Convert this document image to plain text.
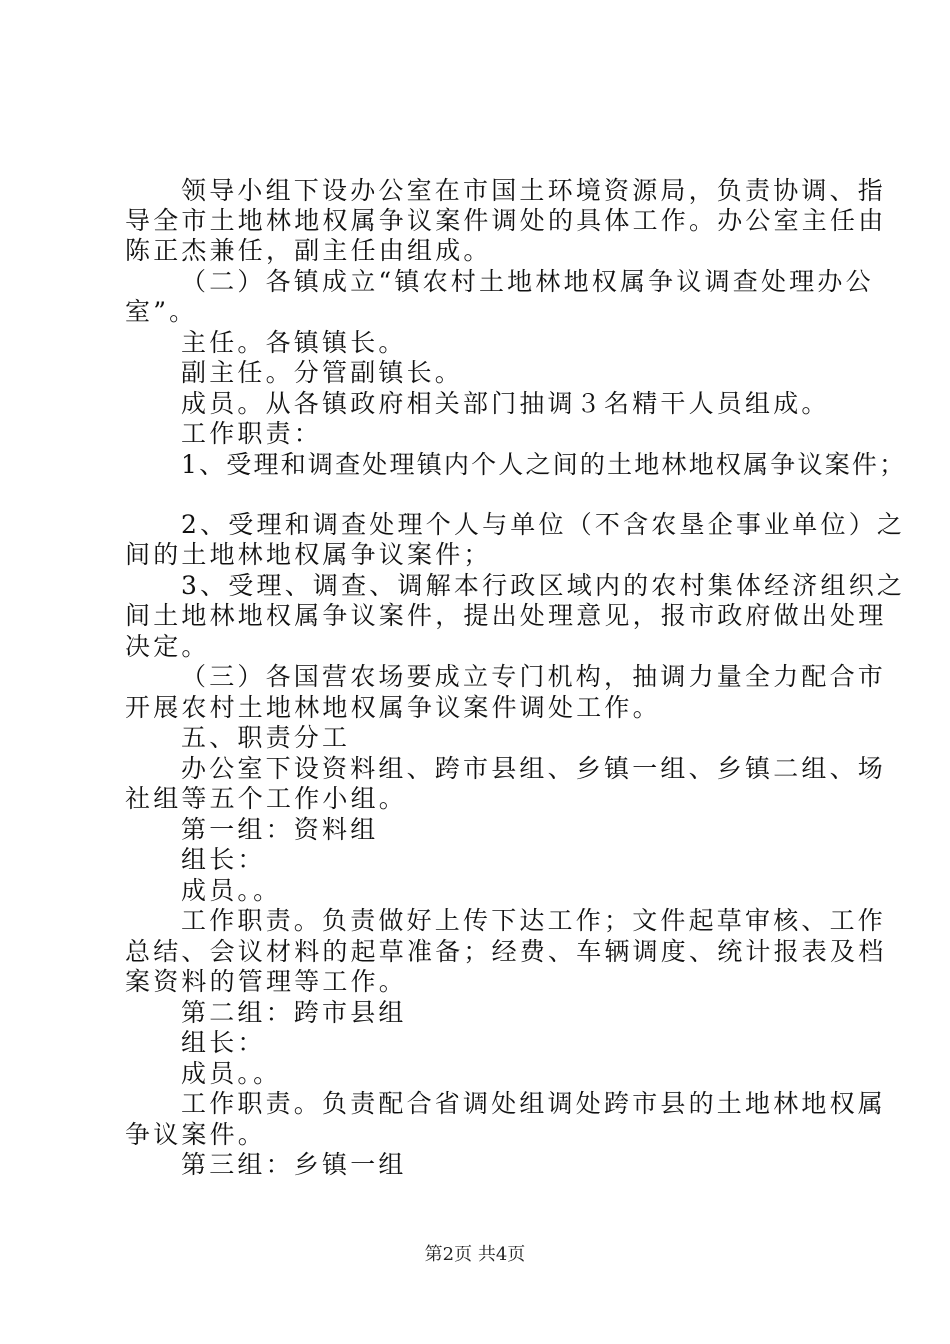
领导小组下设办公室在市国土环境资源局，负责协调、指
导全市土地林地权属争议案件调处的具体工作。办公室主任由
陈正杰兼任，副主任由组成。
（二）各镇成立“镇农村土地林地权属争议调查处理办公
室”。
主任。各镇镇长。
副主任。分管副镇长。
成员。从各镇政府相关部门抽调３名精干人员组成。
工作职责：
1、受理和调查处理镇内个人之间的土地林地权属争议案件；
2、受理和调查处理个人与单位（不含农垦企事业单位）之
间的土地林地权属争议案件；
3、受理、调查、调解本行政区域内的农村集体经济组织之
间土地林地权属争议案件，提出处理意见，报市政府做出处理
决定。
（三）各国营农场要成立专门机构，抽调力量全力配合市
开展农村土地林地权属争议案件调处工作。
五、职责分工
办公室下设资料组、跨市县组、乡镇一组、乡镇二组、场
社组等五个工作小组。
第一组：资料组
组长：
成员。。
工作职责。负责做好上传下达工作；文件起草审核、工作
总结、会议材料的起草准备；经费、车辆调度、统计报表及档
案资料的管理等工作。
第二组：跨市县组
组长：
成员。。
工作职责。负责配合省调处组调处跨市县的土地林地权属
争议案件。
第三组：乡镇一组
第2页 共4页
